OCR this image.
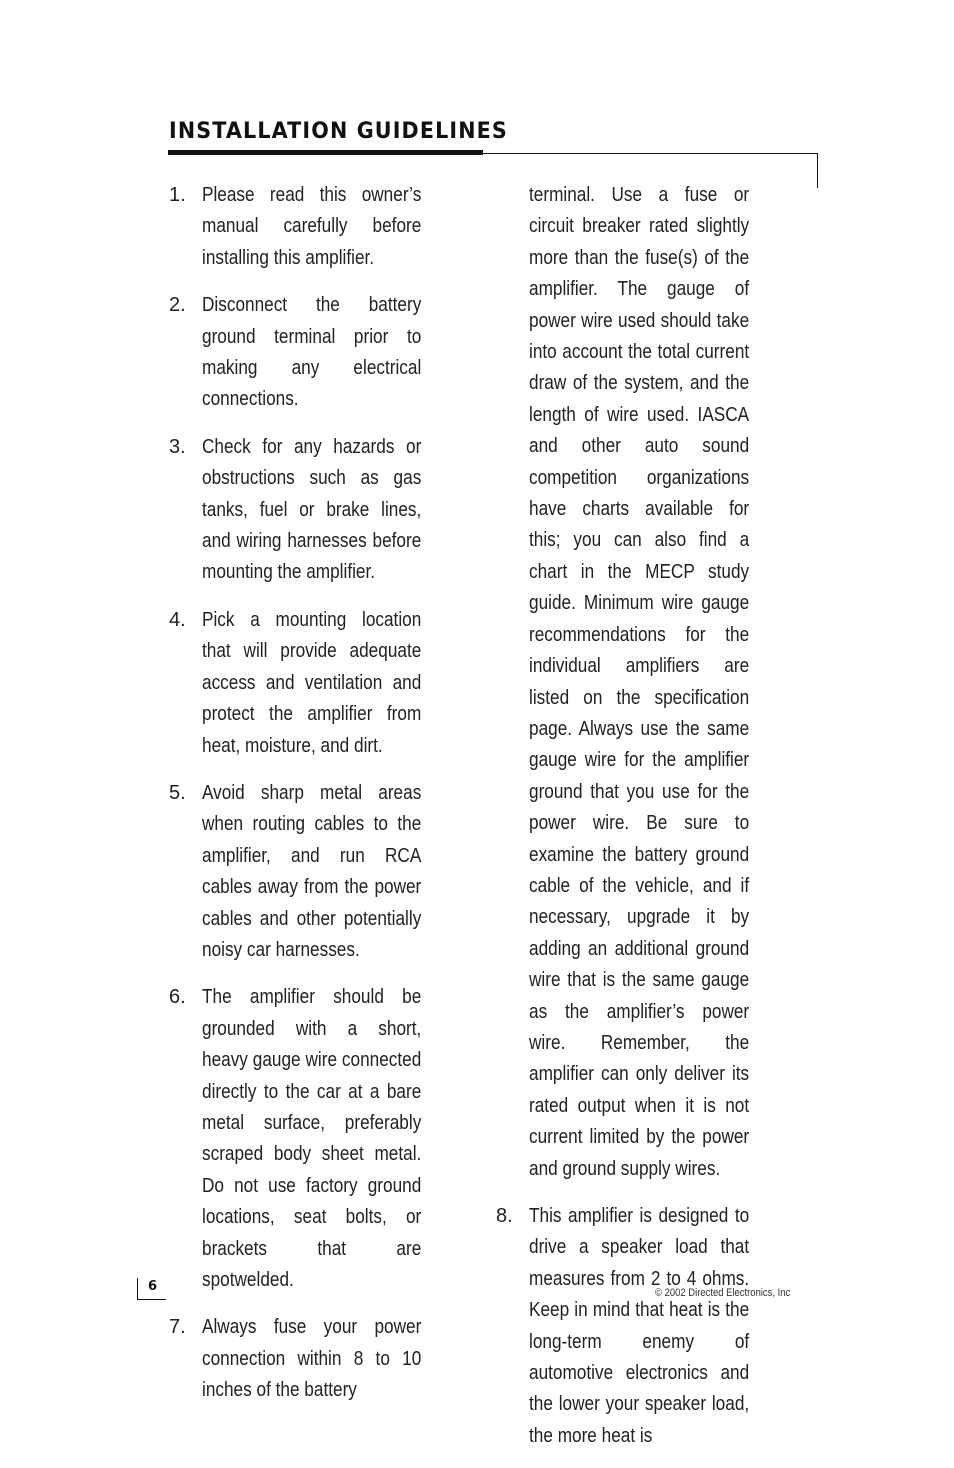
INSTALLATION GUIDELINES
1. Please read this owner’s manual carefully before installing this amplifier.
2. Disconnect the battery ground terminal prior to making any electrical connections.
3. Check for any hazards or obstructions such as gas tanks, fuel or brake lines, and wiring harnesses before mounting the amplifier.
4. Pick a mounting location that will provide adequate access and ventilation and protect the amplifier from heat, moisture, and dirt.
5. Avoid sharp metal areas when routing cables to the amplifier, and run RCA cables away from the power cables and other potentially noisy car harnesses.
6. The amplifier should be grounded with a short, heavy gauge wire connected directly to the car at a bare metal surface, preferably scraped body sheet metal. Do not use factory ground locations, seat bolts, or brackets that are spotwelded.
7. Always fuse your power connection within 8 to 10 inches of the battery
terminal. Use a fuse or circuit breaker rated slightly more than the fuse(s) of the amplifier. The gauge of power wire used should take into account the total current draw of the system, and the length of wire used. IASCA and other auto sound competition organizations have charts available for this; you can also find a chart in the MECP study guide. Minimum wire gauge recommendations for the individual amplifiers are listed on the specification page. Always use the same gauge wire for the amplifier ground that you use for the power wire. Be sure to examine the battery ground cable of the vehicle, and if necessary, upgrade it by adding an additional ground wire that is the same gauge as the amplifier’s power wire. Remember, the amplifier can only deliver its rated output when it is not current limited by the power and ground supply wires.
8. This amplifier is designed to drive a speaker load that measures from 2 to 4 ohms. Keep in mind that heat is the long-term enemy of automotive electronics and the lower your speaker load, the more heat is
6	© 2002 Directed Electronics, Inc
